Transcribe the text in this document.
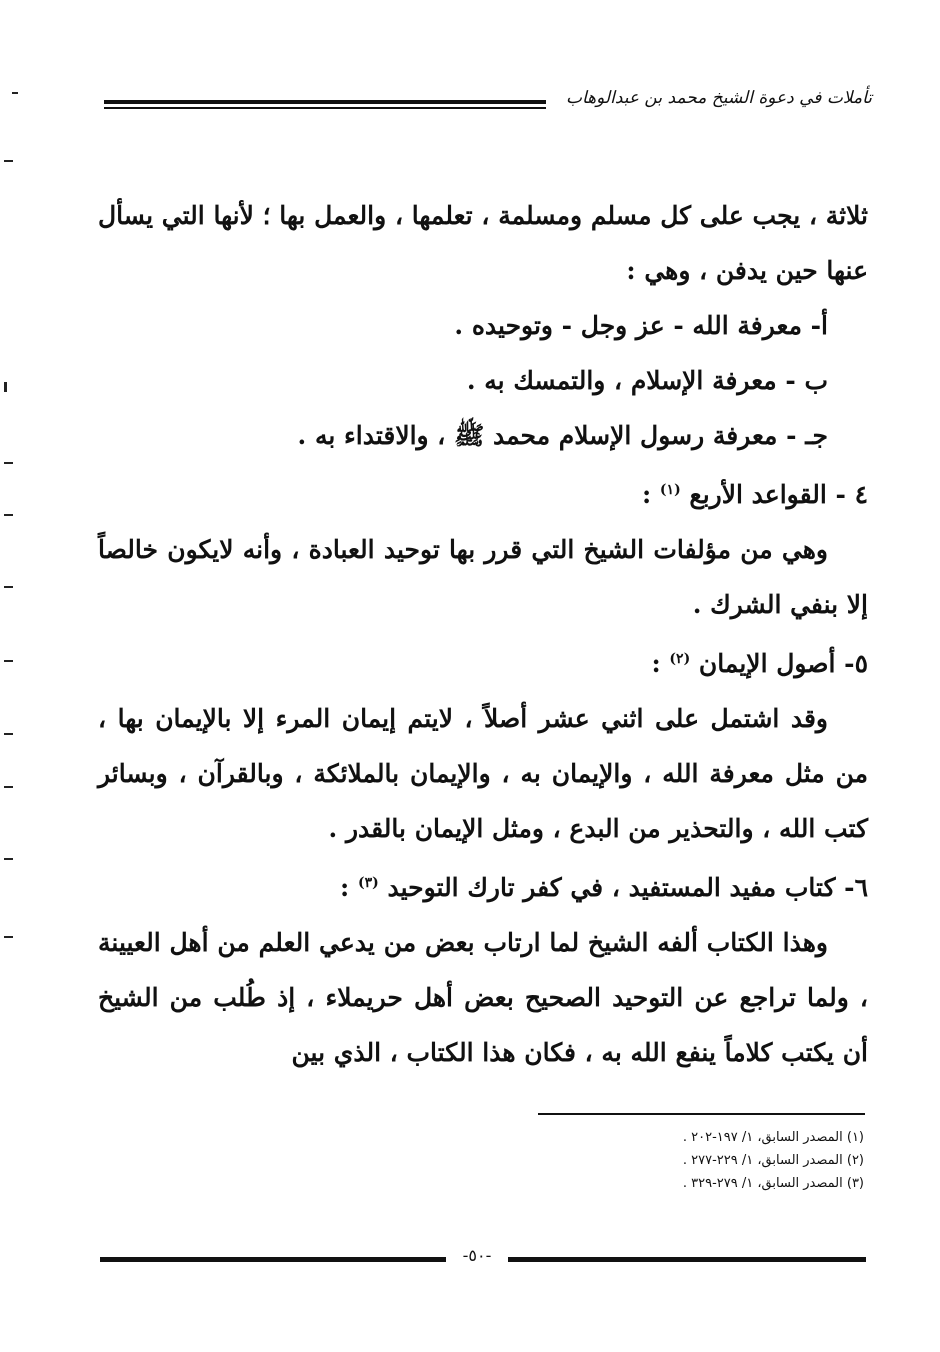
تأملات في دعوة الشيخ محمد بن عبدالوهاب

ثلاثة ، يجب على كل مسلم ومسلمة ، تعلمها ، والعمل بها ؛ لأنها التي يسأل عنها حين يدفن ، وهي :

أ- معرفة الله - عز وجل - وتوحيده .

ب - معرفة الإسلام ، والتمسك به .

جـ - معرفة رسول الإسلام محمد ﷺ ، والاقتداء به .

٤ - القواعد الأربع $^{(١)}$ :

وهي من مؤلفات الشيخ التي قرر بها توحيد العبادة ، وأنه لايكون خالصاً إلا بنفي الشرك .

٥- أصول الإيمان $^{(٢)}$ :

وقد اشتمل على اثني عشر أصلاً ، لايتم إيمان المرء إلا بالإيمان بها ، من مثل معرفة الله ، والإيمان به ، والإيمان بالملائكة ، وبالقرآن ، وبسائر كتب الله ، والتحذير من البدع ، ومثل الإيمان بالقدر .

٦- كتاب مفيد المستفيد ، في كفر تارك التوحيد $^{(٣)}$ :

وهذا الكتاب ألفه الشيخ لما ارتاب بعض من يدعي العلم من أهل العيينة ، ولما تراجع عن التوحيد الصحيح بعض أهل حريملاء ، إذ طُلب من الشيخ أن يكتب كلاماً ينفع الله به ، فكان هذا الكتاب ، الذي بين

(١) المصدر السابق، ١/ ١٩٧-٢٠٢ .
(٢) المصدر السابق، ١/ ٢٢٩-٢٧٧ .
(٣) المصدر السابق، ١/ ٢٧٩-٣٢٩ .
-٥٠-
